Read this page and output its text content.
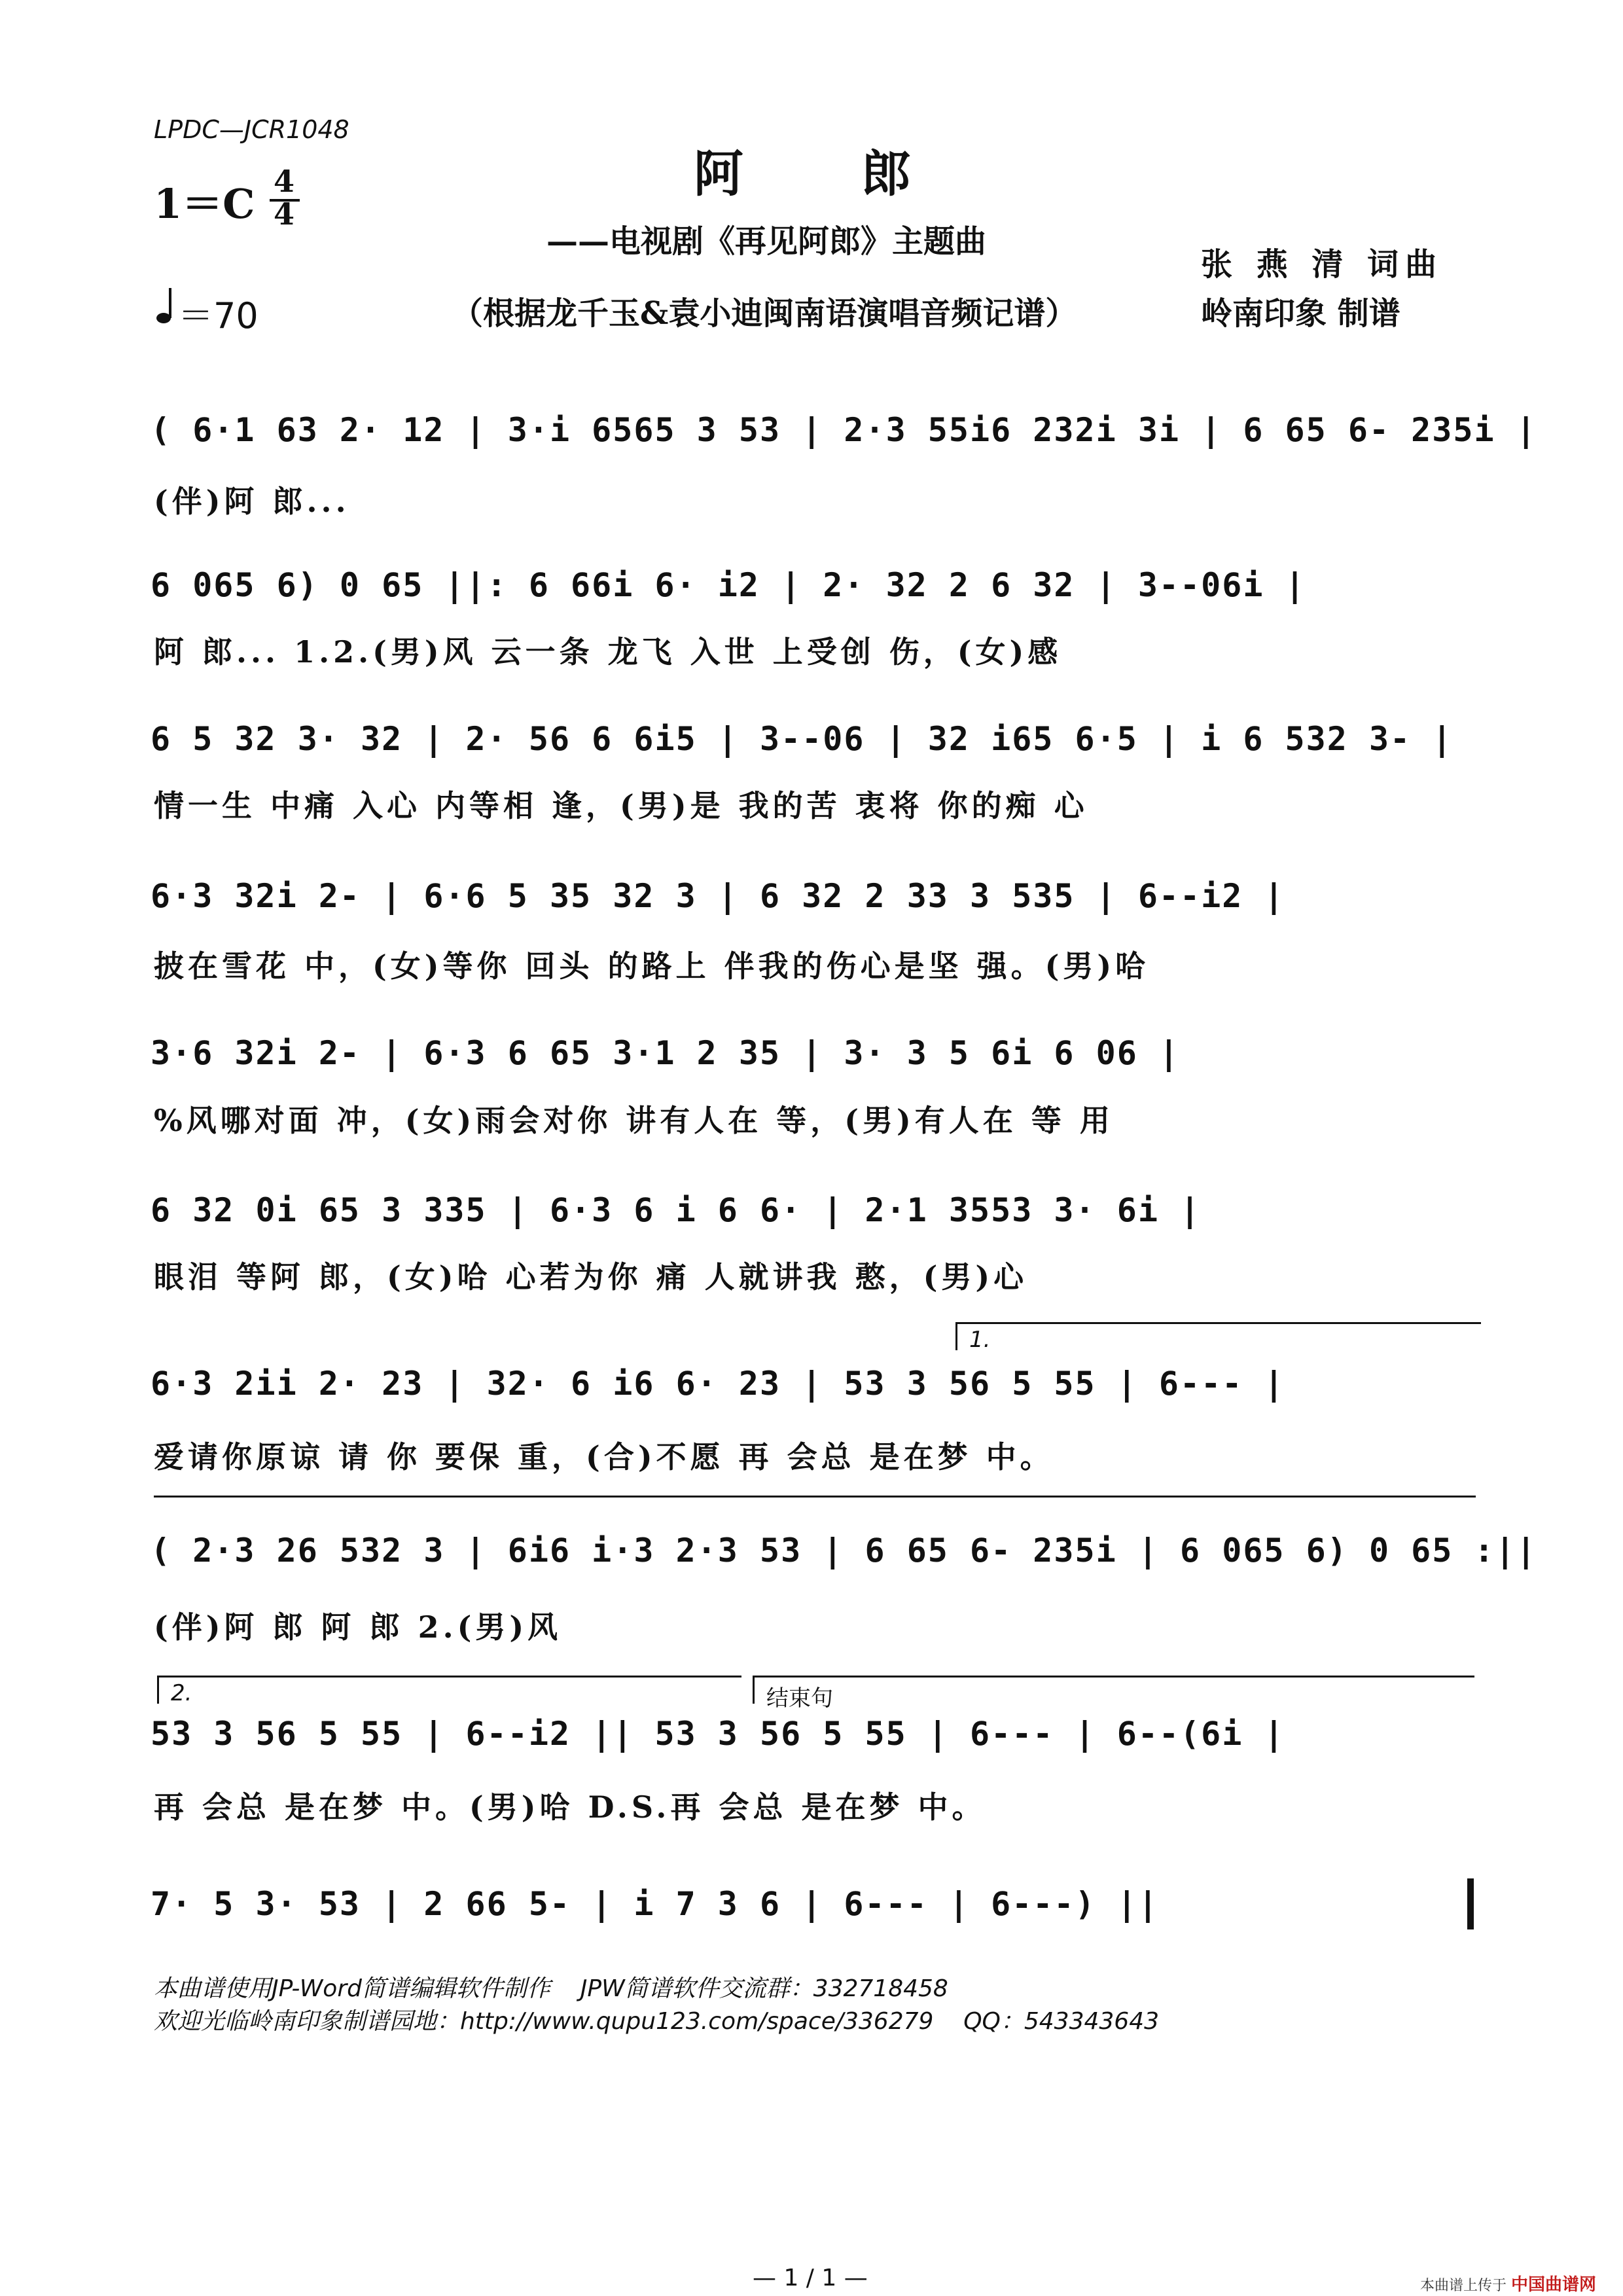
LPDC—JCR1048
阿郎
1＝C 4
4
——电视剧《再见阿郎》主题曲
张 燕 清 词曲
＝70	（根据龙千玉&袁小迪闽南语演唱音频记谱）	岭南印象 制谱
( 6·1 63 2· 12 | 3·i 6565 3 53 | 2·3 55i6 232i 3i | 6 65 6- 235i |
(伴)阿 郎...
6 065 6) 0 65 ||: 6 66i 6· i2 | 2· 32 2 6 32 | 3--06i |
阿 郎... 1.2.(男)风 云一条 龙飞 入世 上受创 伤，(女)感
6 5 32 3· 32 | 2· 56 6 6i5 | 3--06 | 32 i65 6·5 | i 6 532 3- |
情一生 中痛 入心 内等相 逢，(男)是 我的苦 衷将 你的痴 心
6·3 32i 2- | 6·6 5 35 32 3 | 6 32 2 33 3 535 | 6--i2 |
披在雪花 中，(女)等你 回头 的路上 伴我的伤心是坚 强。(男)哈
3·6 32i 2- | 6·3 6 65 3·1 2 35 | 3· 3 5 6i 6 06 |
%风哪对面 冲，(女)雨会对你 讲有人在 等，(男)有人在 等 用
6 32 0i 65 3 335 | 6·3 6 i 6 6· | 2·1 3553 3· 6i |
眼泪 等阿 郎，(女)哈 心若为你 痛 人就讲我 憨，(男)心
1.
6·3 2ii 2· 23 | 32· 6 i6 6· 23 | 53 3 56 5 55 | 6--- |
爱请你原谅 请 你 要保 重，(合)不愿 再 会总 是在梦 中。
( 2·3 26 532 3 | 6i6 i·3 2·3 53 | 6 65 6- 235i | 6 065 6) 0 65 :||
(伴)阿 郎 阿 郎 2.(男)风
2.	结束句
53 3 56 5 55 | 6--i2 || 53 3 56 5 55 | 6--- | 6--(6i |
再 会总 是在梦 中。(男)哈 D.S.再 会总 是在梦 中。
7· 5 3· 53 | 2 66 5- | i 7 3 6 | 6--- | 6---) ||
本曲谱使用JP-Word简谱编辑软件制作    JPW简谱软件交流群：332718458
欢迎光临岭南印象制谱园地：http://www.qupu123.com/space/336279    QQ：543343643
— 1 / 1 —	本曲谱上传于 中国曲谱网
